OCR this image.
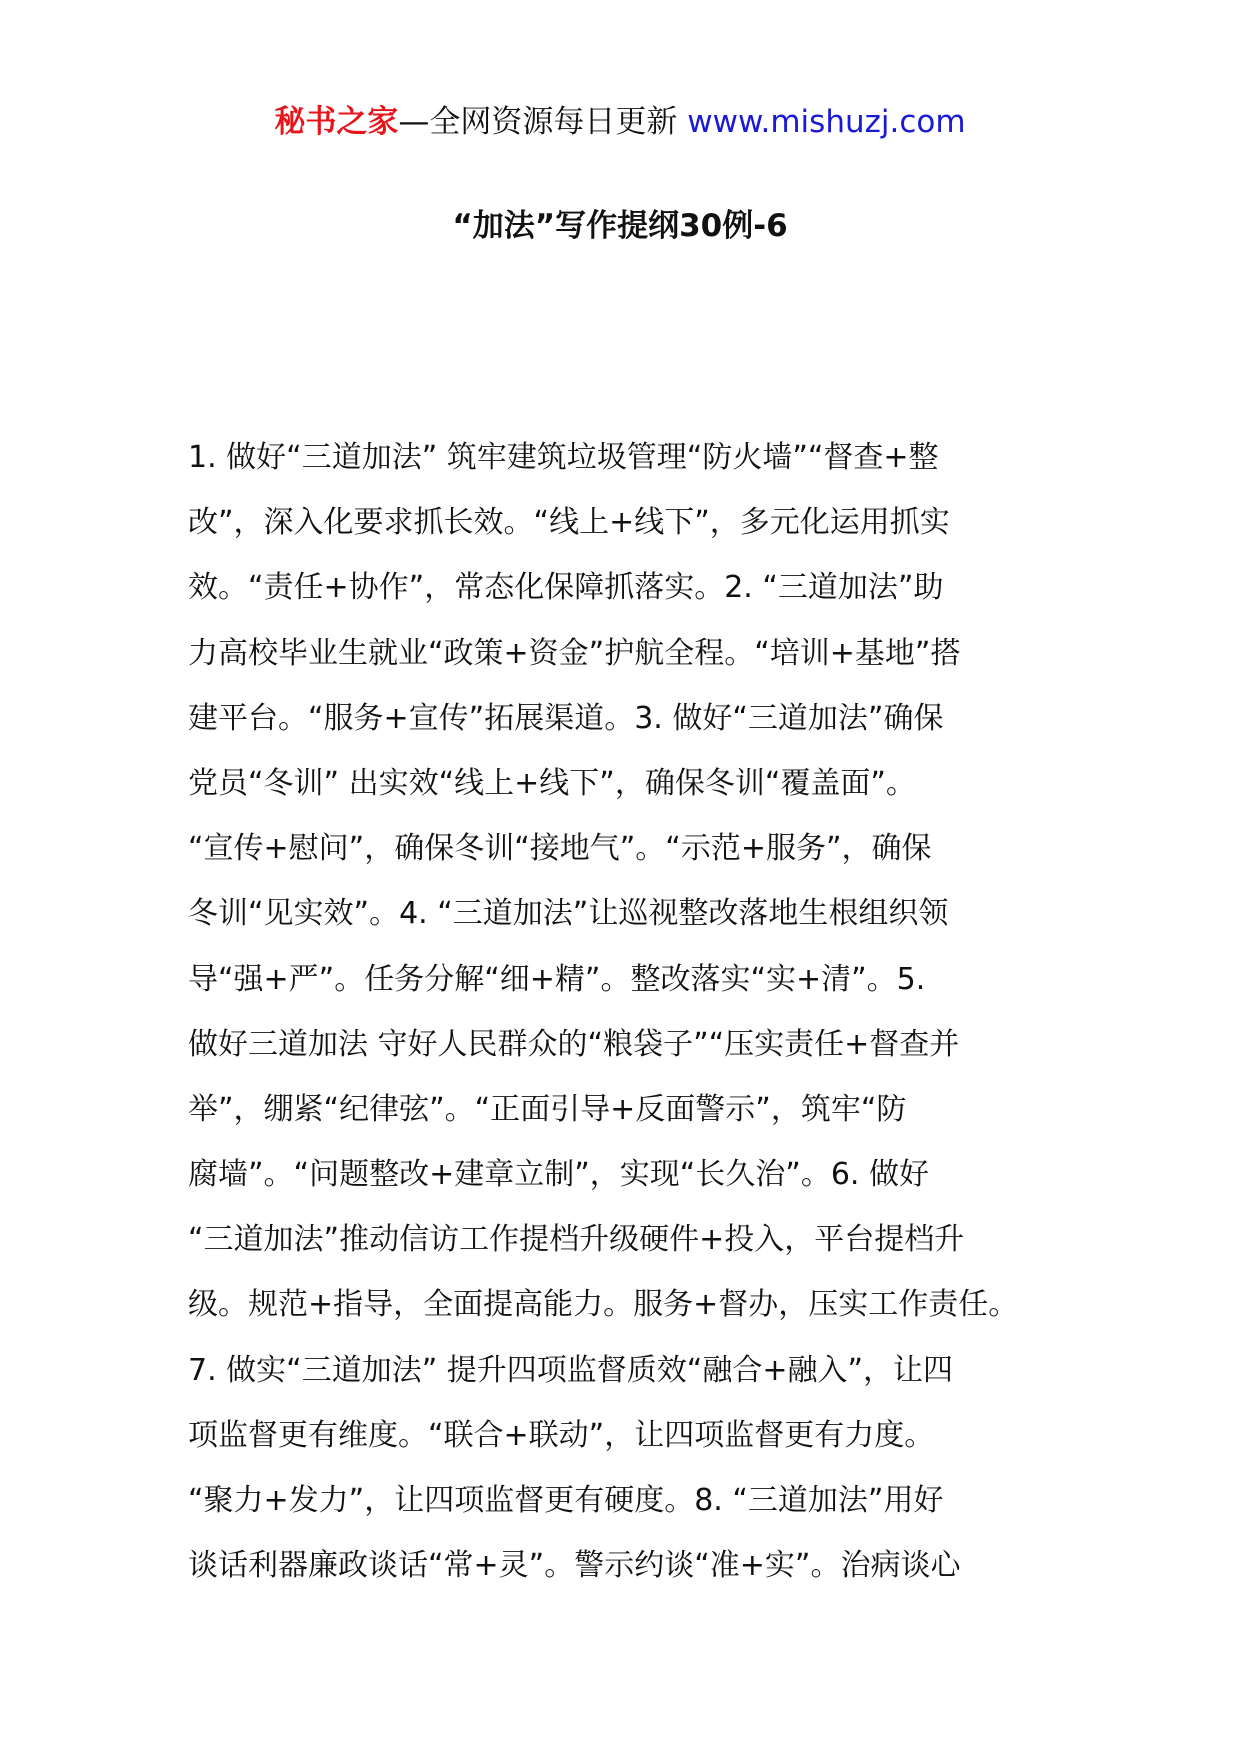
秘书之家—全网资源每日更新 www.mishuzj.com
“加法”写作提纲30例-6
1. 做好“三道加法” 筑牢建筑垃圾管理“防火墙”“督查+整
改”，深入化要求抓长效。“线上+线下”，多元化运用抓实
效。“责任+协作”，常态化保障抓落实。2. “三道加法”助
力高校毕业生就业“政策+资金”护航全程。“培训+基地”搭
建平台。“服务+宣传”拓展渠道。3. 做好“三道加法”确保
党员“冬训” 出实效“线上+线下”，确保冬训“覆盖面”。
“宣传+慰问”，确保冬训“接地气”。“示范+服务”，确保
冬训“见实效”。4. “三道加法”让巡视整改落地生根组织领
导“强+严”。任务分解“细+精”。整改落实“实+清”。5.
做好三道加法 守好人民群众的“粮袋子”“压实责任+督查并
举”，绷紧“纪律弦”。“正面引导+反面警示”，筑牢“防
腐墙”。“问题整改+建章立制”，实现“长久治”。6. 做好
“三道加法”推动信访工作提档升级硬件+投入，平台提档升
级。规范+指导，全面提高能力。服务+督办，压实工作责任。
7. 做实“三道加法” 提升四项监督质效“融合+融入”，让四
项监督更有维度。“联合+联动”，让四项监督更有力度。
“聚力+发力”，让四项监督更有硬度。8. “三道加法”用好
谈话利器廉政谈话“常+灵”。警示约谈“准+实”。治病谈心
